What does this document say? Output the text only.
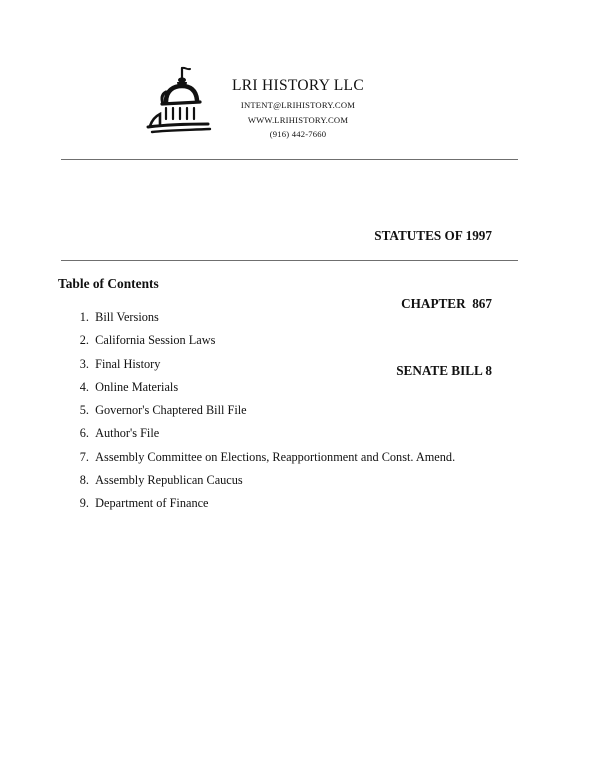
LRI HISTORY LLC
INTENT@LRIHISTORY.COM
WWW.LRIHISTORY.COM
(916) 442-7660

STATUTES OF 1997

CHAPTER  867

SENATE BILL 8

Table of Contents
1. Bill Versions
2. California Session Laws
3. Final History
4. Online Materials
5. Governor's Chaptered Bill File
6. Author's File
7. Assembly Committee on Elections, Reapportionment and Const. Amend.
8. Assembly Republican Caucus
9. Department of Finance
